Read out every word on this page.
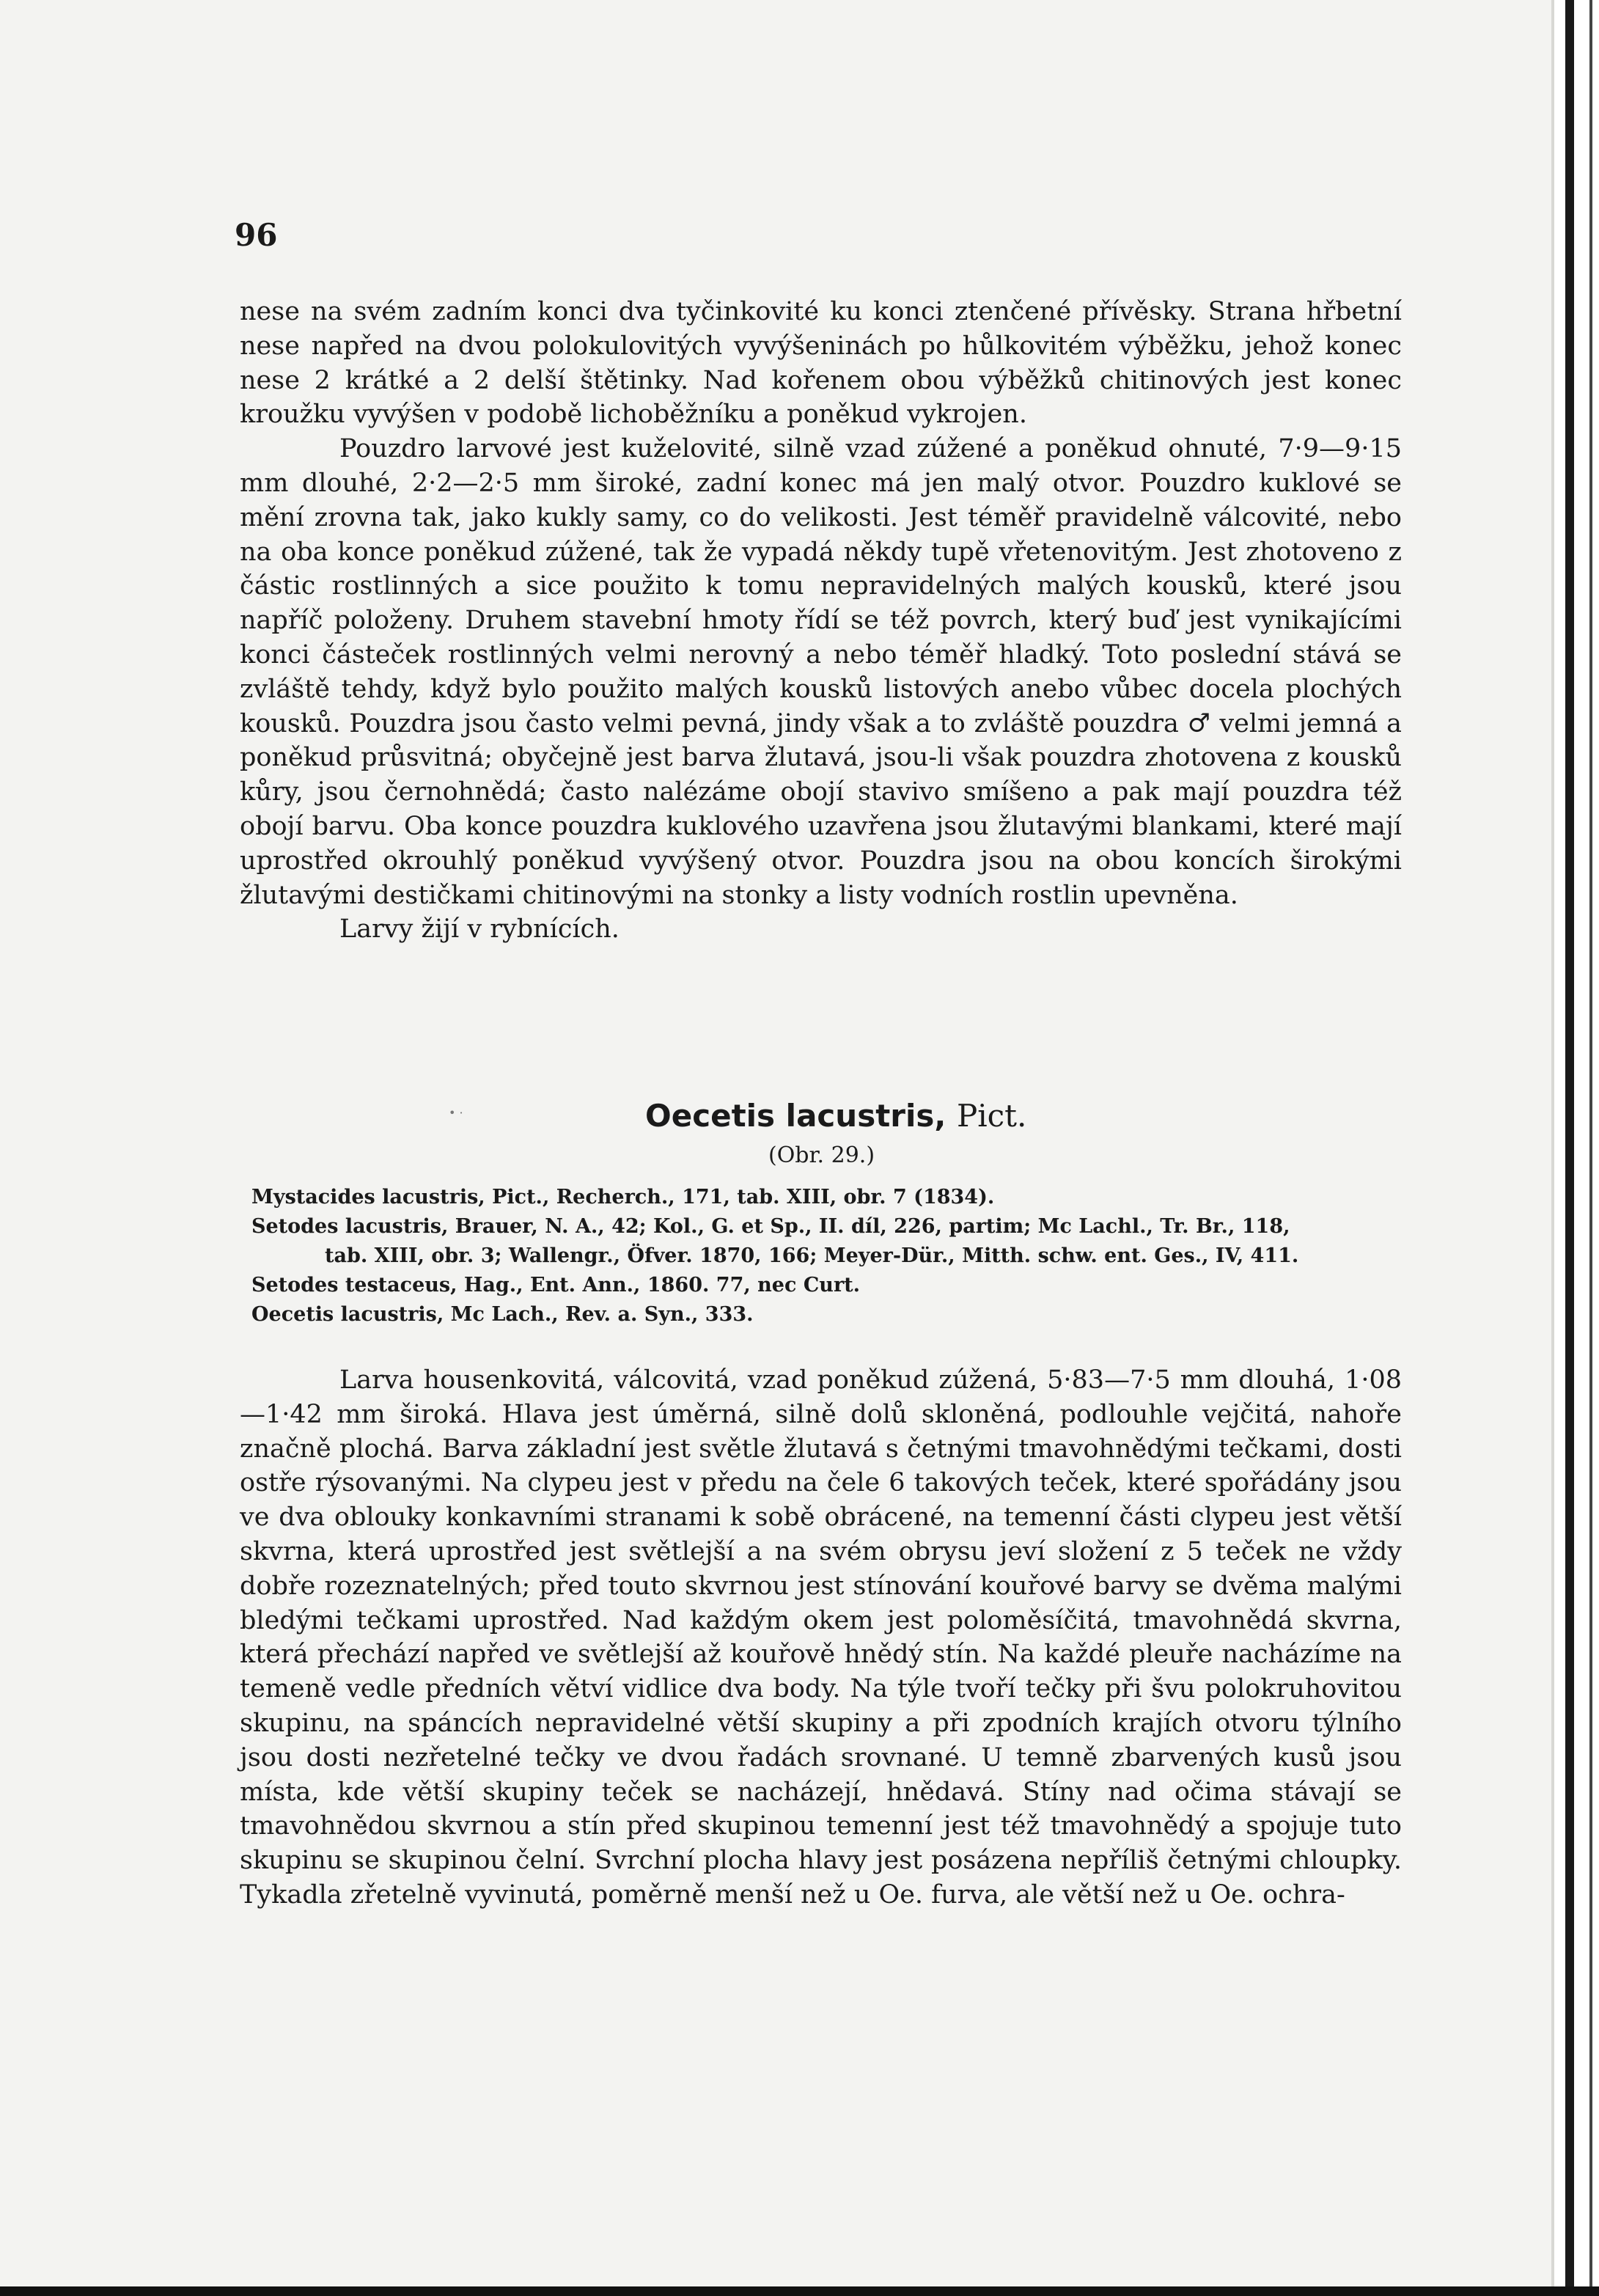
96

nese na svém zadním konci dva tyčinkovité ku konci ztenčené přívěsky. Strana hřbetní nese napřed na dvou polokulovitých vyvýšeninách po hůlkovitém výběžku, jehož konec nese 2 krátké a 2 delší štětinky. Nad kořenem obou výběžků chitinových jest konec kroužku vyvýšen v podobě lichoběžníku a poněkud vykrojen.

Pouzdro larvové jest kuželovité, silně vzad zúžené a poněkud ohnuté, 7·9—9·15 mm dlouhé, 2·2—2·5 mm široké, zadní konec má jen malý otvor. Pouzdro kuklové se mění zrovna tak, jako kukly samy, co do velikosti. Jest téměř pravidelně válcovité, nebo na oba konce poněkud zúžené, tak že vypadá někdy tupě vřetenovitým. Jest zhotoveno z částic rostlinných a sice použito k tomu nepravidelných malých kousků, které jsou napříč položeny. Druhem stavební hmoty řídí se též povrch, který buď jest vynikajícími konci částeček rostlinných velmi nerovný a nebo téměř hladký. Toto poslední stává se zvláště tehdy, když bylo použito malých kousků listových anebo vůbec docela plochých kousků. Pouzdra jsou často velmi pevná, jindy však a to zvláště pouzdra ♂ velmi jemná a poněkud průsvitná; obyčejně jest barva žlutavá, jsou-li však pouzdra zhotovena z kousků kůry, jsou černohnědá; často nalézáme obojí stavivo smíšeno a pak mají pouzdra též obojí barvu. Oba konce pouzdra kuklového uzavřena jsou žlutavými blankami, které mají uprostřed okrouhlý poněkud vyvýšený otvor. Pouzdra jsou na obou koncích širokými žlutavými destičkami chitinovými na stonky a listy vodních rostlin upevněna.

Larvy žijí v rybnících.

• ·	Oecetis lacustris, Pict.
(Obr. 29.)

Mystacides lacustris, Pict., Recherch., 171, tab. XIII, obr. 7 (1834).

Setodes lacustris, Brauer, N. A., 42; Kol., G. et Sp., II. díl, 226, partim; Mc Lachl., Tr. Br., 118,

tab. XIII, obr. 3; Wallengr., Öfver. 1870, 166; Meyer-Dür., Mitth. schw. ent. Ges., IV, 411.

Setodes testaceus, Hag., Ent. Ann., 1860. 77, nec Curt.

Oecetis lacustris, Mc Lach., Rev. a. Syn., 333.

Larva housenkovitá, válcovitá, vzad poněkud zúžená, 5·83—7·5 mm dlouhá, 1·08—1·42 mm široká. Hlava jest úměrná, silně dolů skloněná, podlouhle vejčitá, nahoře značně plochá. Barva základní jest světle žlutavá s četnými tmavohnědými tečkami, dosti ostře rýsovanými. Na clypeu jest v předu na čele 6 takových teček, které spořádány jsou ve dva oblouky konkavními stranami k sobě obrácené, na temenní části clypeu jest větší skvrna, která uprostřed jest světlejší a na svém obrysu jeví složení z 5 teček ne vždy dobře rozeznatelných; před touto skvrnou jest stínování kouřové barvy se dvěma malými bledými tečkami uprostřed. Nad každým okem jest poloměsíčitá, tmavohnědá skvrna, která přechází napřed ve světlejší až kouřově hnědý stín. Na každé pleuře nacházíme na temeně vedle předních větví vidlice dva body. Na týle tvoří tečky při švu polokruhovitou skupinu, na spáncích nepravidelné větší skupiny a při zpodních krajích otvoru týlního jsou dosti nezřetelné tečky ve dvou řadách srovnané. U temně zbarvených kusů jsou místa, kde větší skupiny teček se nacházejí, hnědavá. Stíny nad očima stávají se tmavohnědou skvrnou a stín před skupinou temenní jest též tmavohnědý a spojuje tuto skupinu se skupinou čelní. Svrchní plocha hlavy jest posázena nepříliš četnými chloupky. Tykadla zřetelně vyvinutá, poměrně menší než u Oe. furva, ale větší než u Oe. ochra-
